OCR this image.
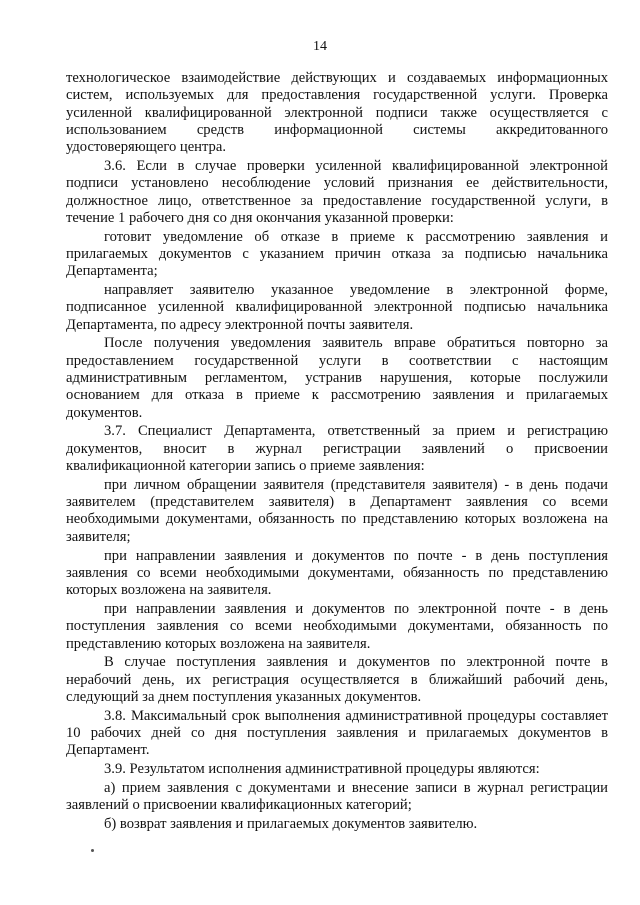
14

технологическое взаимодействие действующих и создаваемых информационных систем, используемых для предоставления государственной услуги. Проверка усиленной квалифицированной электронной подписи также осуществляется с использованием средств информационной системы аккредитованного удостоверяющего центра.

3.6. Если в случае проверки усиленной квалифицированной электронной подписи установлено несоблюдение условий признания ее действительности, должностное лицо, ответственное за предоставление государственной услуги, в течение 1 рабочего дня со дня окончания указанной проверки:

готовит уведомление об отказе в приеме к рассмотрению заявления и прилагаемых документов с указанием причин отказа за подписью начальника Департамента;

направляет заявителю указанное уведомление в электронной форме, подписанное усиленной квалифицированной электронной подписью начальника Департамента, по адресу электронной почты заявителя.

После получения уведомления заявитель вправе обратиться повторно за предоставлением государственной услуги в соответствии с настоящим административным регламентом, устранив нарушения, которые послужили основанием для отказа в приеме к рассмотрению заявления и прилагаемых документов.

3.7. Специалист Департамента, ответственный за прием и регистрацию документов, вносит в журнал регистрации заявлений о присвоении квалификационной категории запись о приеме заявления:

при личном обращении заявителя (представителя заявителя) - в день подачи заявителем (представителем заявителя) в Департамент заявления со всеми необходимыми документами, обязанность по представлению которых возложена на заявителя;

при направлении заявления и документов по почте - в день поступления заявления со всеми необходимыми документами, обязанность по представлению которых возложена на заявителя.

при направлении заявления и документов по электронной почте - в день поступления заявления со всеми необходимыми документами, обязанность по представлению которых возложена на заявителя.

В случае поступления заявления и документов по электронной почте в нерабочий день, их регистрация осуществляется в ближайший рабочий день, следующий за днем поступления указанных документов.

3.8. Максимальный срок выполнения административной процедуры составляет 10 рабочих дней со дня поступления заявления и прилагаемых документов в Департамент.

3.9. Результатом исполнения административной процедуры являются:

а) прием заявления с документами и внесение записи в журнал регистрации заявлений о присвоении квалификационных категорий;

б) возврат заявления и прилагаемых документов заявителю.
